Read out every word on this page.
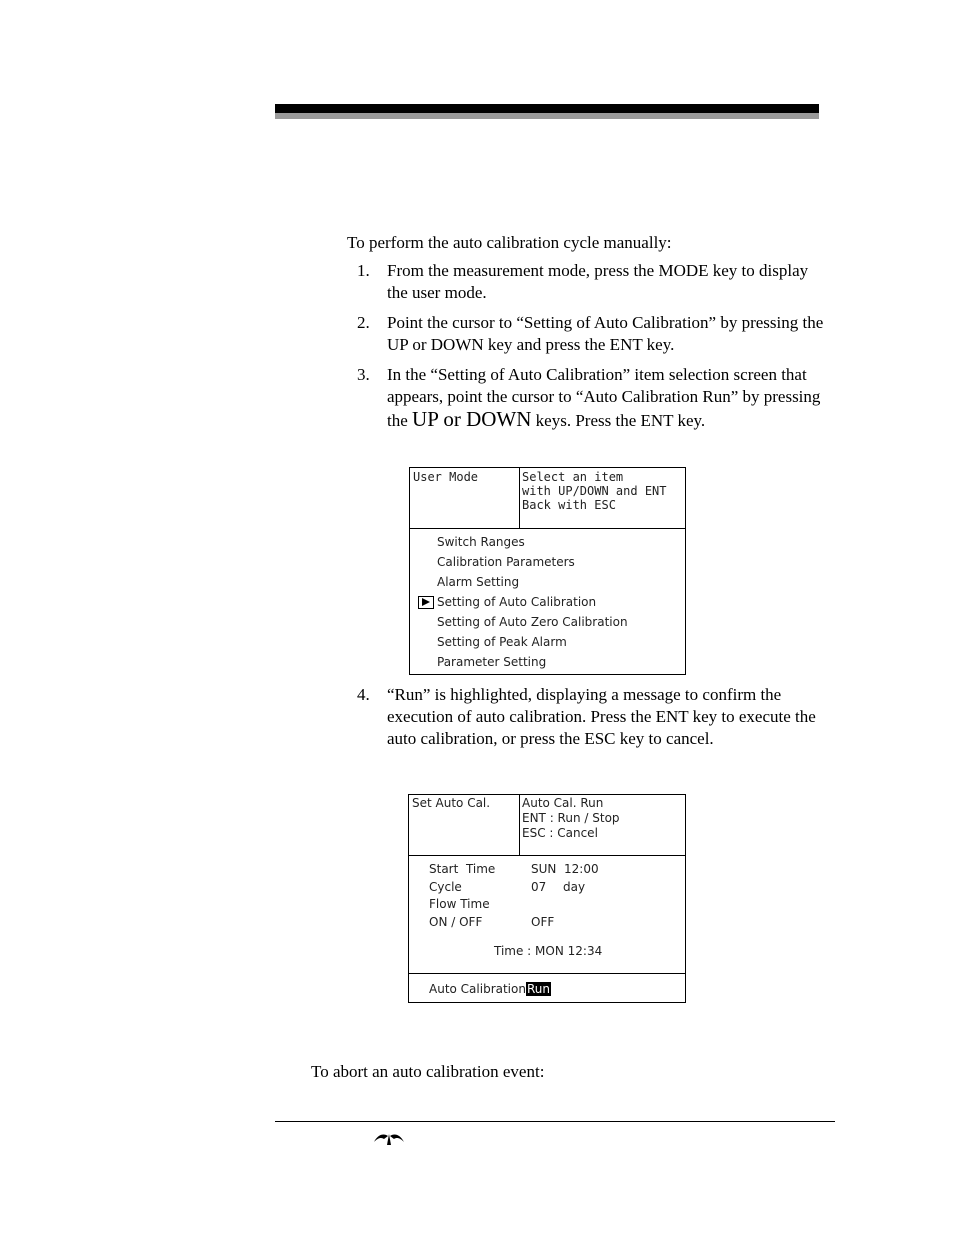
To perform the auto calibration cycle manually:
1. From the measurement mode, press the MODE key to display the user mode.
2. Point the cursor to “Setting of Auto Calibration” by pressing the UP or DOWN key and press the ENT key.
3. In the “Setting of Auto Calibration” item selection screen that appears, point the cursor to “Auto Calibration Run” by pressing the UP or DOWN keys. Press the ENT key.
User Mode	Select an item
with UP/DOWN and ENT
Back with ESC
Switch Ranges
Calibration Parameters
Alarm Setting
Setting of Auto Calibration
Setting of Auto Zero Calibration
Setting of Peak Alarm
Parameter Setting
4. “Run” is highlighted, displaying a message to confirm the execution of auto calibration. Press the ENT key to execute the auto calibration, or press the ESC key to cancel.
Set Auto Cal.	Auto Cal. Run
ENT : Run / Stop
ESC : Cancel
Start  Time	SUN  12:00
Cycle	07 day
Flow Time
ON / OFF	OFF
Time : MON 12:34
Auto CalibrationRun
To abort an auto calibration event:
